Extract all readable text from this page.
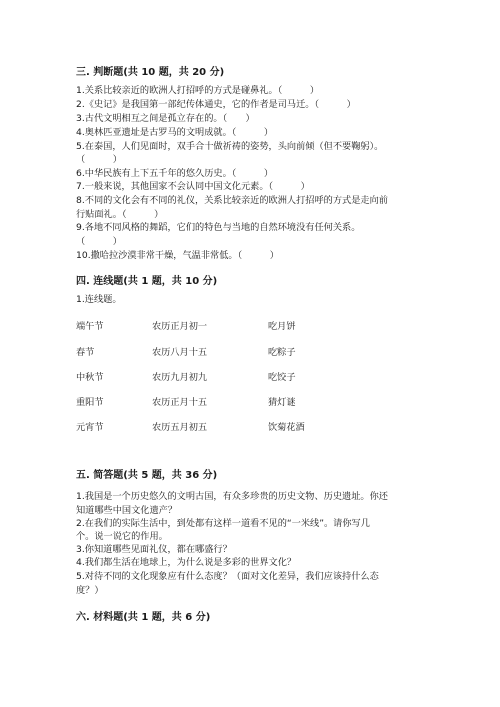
三. 判断题(共 10 题，共 20 分)
1.关系比较亲近的欧洲人打招呼的方式是碰鼻礼。（　　　）
2.《史记》是我国第一部纪传体通史，它的作者是司马迁。（　　　）
3.古代文明相互之间是孤立存在的。（　　）
4.奥林匹亚遗址是古罗马的文明成就。（　　　）
5.在泰国，人们见面时，双手合十做祈祷的姿势，头向前倾（但不要鞠躬）。
（　　　）
6.中华民族有上下五千年的悠久历史。（　　　）
7.一般来说，其他国家不会认同中国文化元素。（　　　）
8.不同的文化会有不同的礼仪，关系比较亲近的欧洲人打招呼的方式是走向前
行贴面礼。（　　　）
9.各地不同风格的舞蹈，它们的特色与当地的自然环境没有任何关系。
（　　　）
10.撒哈拉沙漠非常干燥，气温非常低。（　　　）
四. 连线题(共 1 题，共 10 分)
1.连线题。
端午节	农历正月初一	吃月饼
春节	农历八月十五	吃粽子
中秋节	农历九月初九	吃饺子
重阳节	农历正月十五	猜灯谜
元宵节	农历五月初五	饮菊花酒
五. 简答题(共 5 题，共 36 分)
1.我国是一个历史悠久的文明古国，有众多珍贵的历史文物、历史遗址。你还
知道哪些中国文化遗产？
2.在我们的实际生活中，到处都有这样一道看不见的“一米线”。请你写几
个。说一说它的作用。
3.你知道哪些见面礼仪，都在哪盛行？
4.我们都生活在地球上，为什么说是多彩的世界文化？
5.对待不同的文化现象应有什么态度？（面对文化差异，我们应该持什么态
度？）
六. 材料题(共 1 题，共 6 分)
